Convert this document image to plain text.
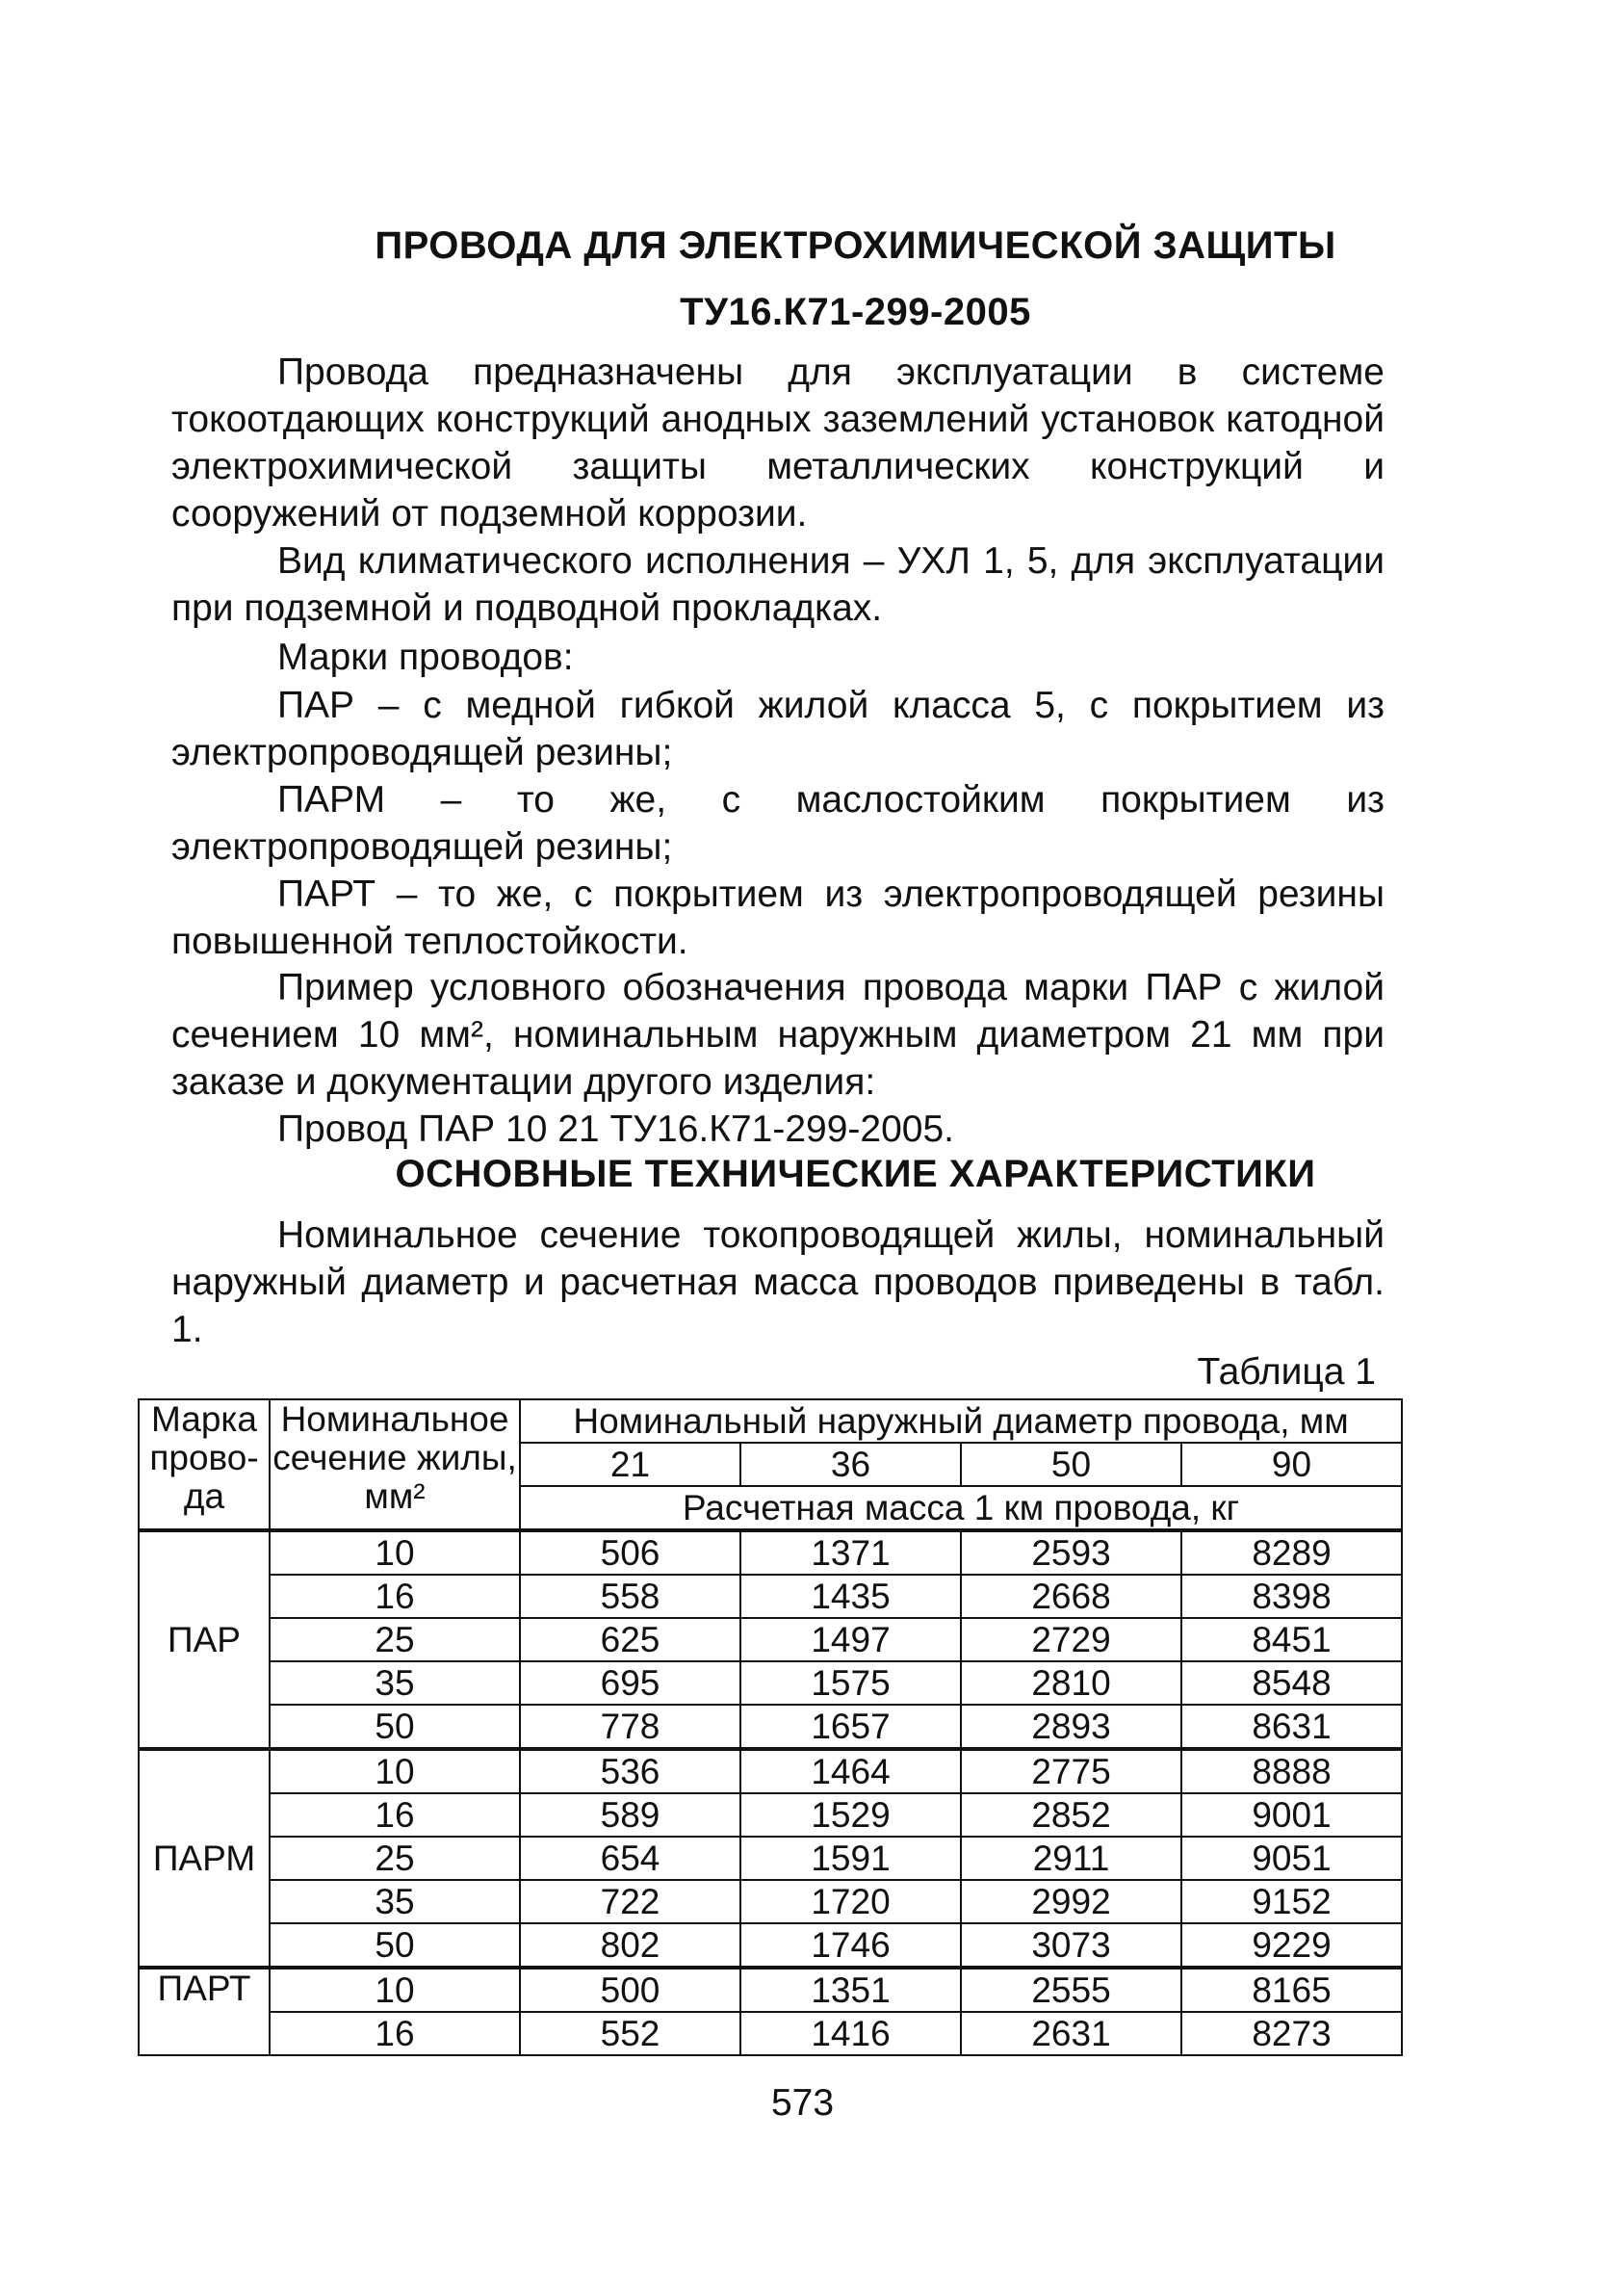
ПРОВОДА ДЛЯ ЭЛЕКТРОХИМИЧЕСКОЙ ЗАЩИТЫ
ТУ16.К71-299-2005
Провода предназначены для эксплуатации в системе токоотдающих конструкций анодных заземлений установок катодной электрохимической защиты металлических конструкций и сооружений от подземной коррозии.
Вид климатического исполнения – УХЛ 1, 5, для эксплуатации при подземной и подводной прокладках.
Марки проводов:
ПАР – с медной гибкой жилой класса 5, с покрытием из электропроводящей резины;
ПАРМ – то же, с маслостойким покрытием из электропроводящей резины;
ПАРТ – то же, с покрытием из электропроводящей резины повышенной теплостойкости.
Пример условного обозначения провода марки ПАР с жилой сечением 10 мм², номинальным наружным диаметром 21 мм при заказе и документации другого изделия:
Провод ПАР 10 21 ТУ16.К71-299-2005.
ОСНОВНЫЕ ТЕХНИЧЕСКИЕ ХАРАКТЕРИСТИКИ
Номинальное сечение токопроводящей жилы, номинальный наружный диаметр и расчетная масса проводов приведены в табл. 1.
Таблица 1
Марка прово-да	Номинальное сечение жилы, мм²	Номинальный наружный диаметр провода, мм			
		21	36	50	90
		Расчетная масса 1 км провода, кг			
ПАР	10	506	1371	2593	8289
	16	558	1435	2668	8398
	25	625	1497	2729	8451
	35	695	1575	2810	8548
	50	778	1657	2893	8631
ПАРМ	10	536	1464	2775	8888
	16	589	1529	2852	9001
	25	654	1591	2911	9051
	35	722	1720	2992	9152
	50	802	1746	3073	9229
ПАРТ	10	500	1351	2555	8165
	16	552	1416	2631	8273
573
